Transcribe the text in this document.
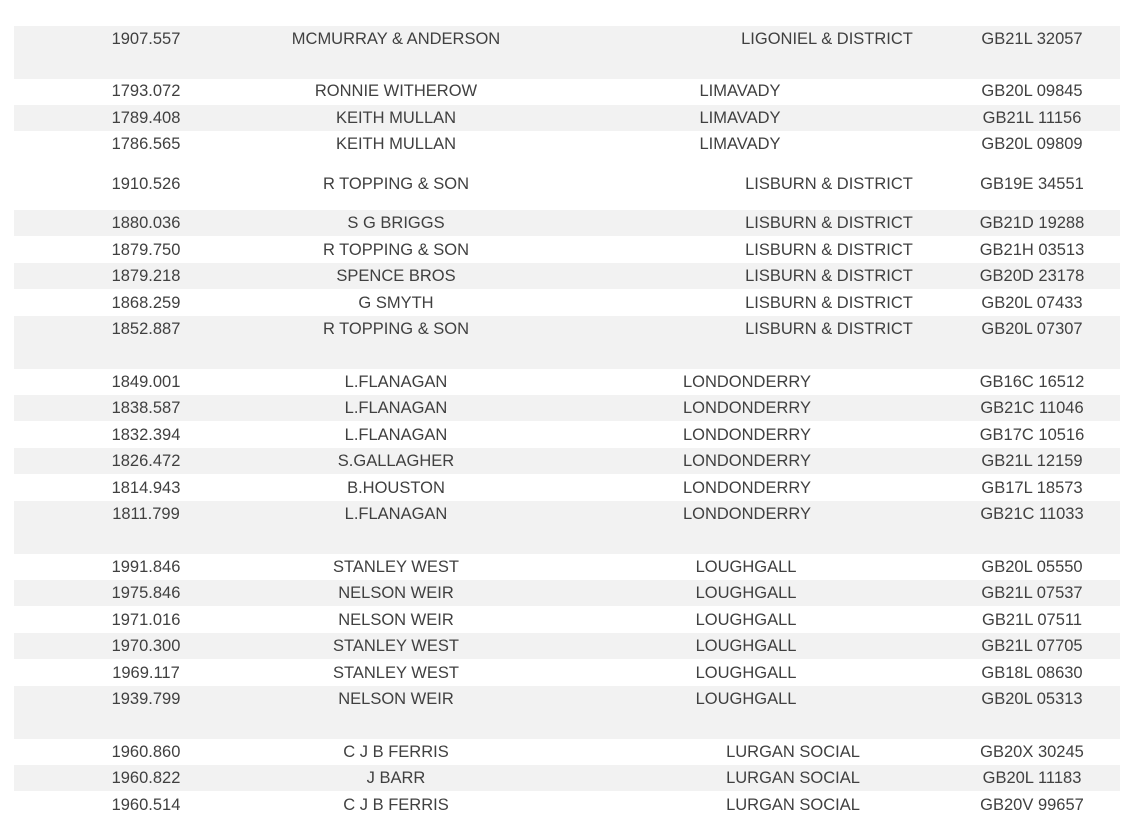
1907.557	MCMURRAY & ANDERSON	LIGONIEL & DISTRICT	GB21L 32057
1793.072	RONNIE WITHEROW	LIMAVADY	GB20L 09845
1789.408	KEITH MULLAN	LIMAVADY	GB21L 11156
1786.565	KEITH MULLAN	LIMAVADY	GB20L 09809
1910.526	R TOPPING & SON	LISBURN & DISTRICT	GB19E 34551
1880.036	S G BRIGGS	LISBURN & DISTRICT	GB21D 19288
1879.750	R TOPPING & SON	LISBURN & DISTRICT	GB21H 03513
1879.218	SPENCE BROS	LISBURN & DISTRICT	GB20D 23178
1868.259	G SMYTH	LISBURN & DISTRICT	GB20L 07433
1852.887	R TOPPING & SON	LISBURN & DISTRICT	GB20L 07307
1849.001	L.FLANAGAN	LONDONDERRY	GB16C 16512
1838.587	L.FLANAGAN	LONDONDERRY	GB21C 11046
1832.394	L.FLANAGAN	LONDONDERRY	GB17C 10516
1826.472	S.GALLAGHER	LONDONDERRY	GB21L 12159
1814.943	B.HOUSTON	LONDONDERRY	GB17L 18573
1811.799	L.FLANAGAN	LONDONDERRY	GB21C 11033
1991.846	STANLEY WEST	LOUGHGALL	GB20L 05550
1975.846	NELSON WEIR	LOUGHGALL	GB21L 07537
1971.016	NELSON WEIR	LOUGHGALL	GB21L 07511
1970.300	STANLEY WEST	LOUGHGALL	GB21L 07705
1969.117	STANLEY WEST	LOUGHGALL	GB18L 08630
1939.799	NELSON WEIR	LOUGHGALL	GB20L 05313
1960.860	C J B FERRIS	LURGAN SOCIAL	GB20X 30245
1960.822	J BARR	LURGAN SOCIAL	GB20L 11183
1960.514	C J B FERRIS	LURGAN SOCIAL	GB20V 99657
